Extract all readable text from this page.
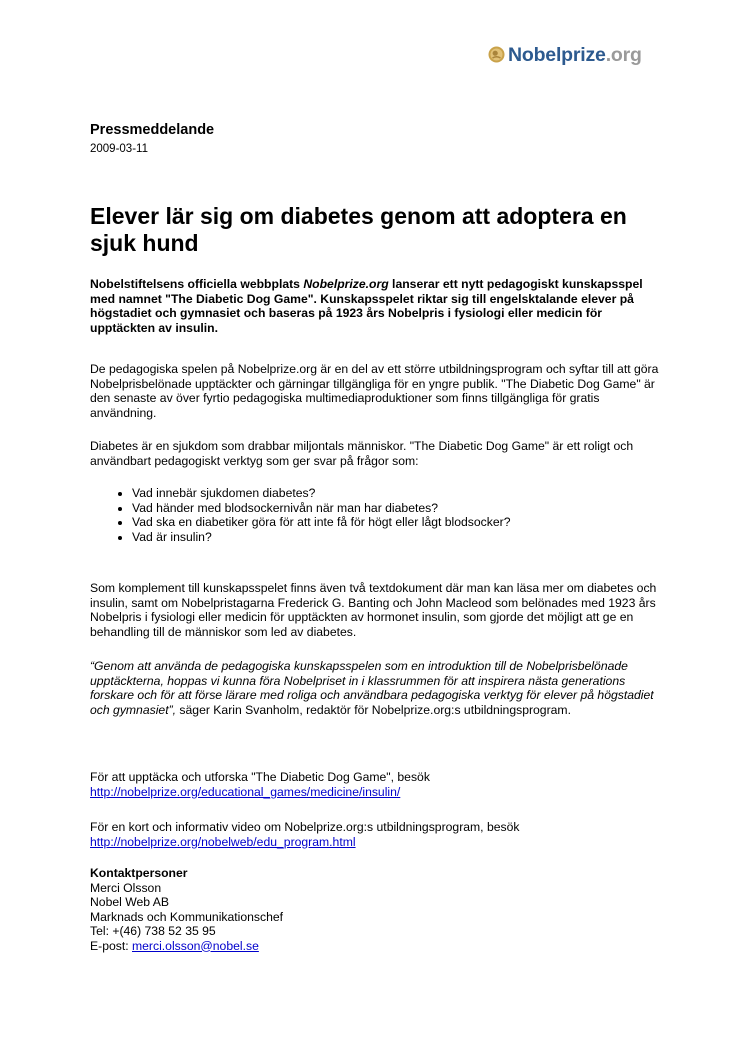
Nobelprize.org
Pressmeddelande
2009-03-11
Elever lär sig om diabetes genom att adoptera en sjuk hund

Nobelstiftelsens officiella webbplats Nobelprize.org lanserar ett nytt pedagogiskt kunskapsspel med namnet "The Diabetic Dog Game". Kunskapsspelet riktar sig till engelsktalande elever på högstadiet och gymnasiet och baseras på 1923 års Nobelpris i fysiologi eller medicin för upptäckten av insulin.

De pedagogiska spelen på Nobelprize.org är en del av ett större utbildningsprogram och syftar till att göra Nobelprisbelönade upptäckter och gärningar tillgängliga för en yngre publik. "The Diabetic Dog Game" är den senaste av över fyrtio pedagogiska multimediaproduktioner som finns tillgängliga för gratis användning.

Diabetes är en sjukdom som drabbar miljontals människor. "The Diabetic Dog Game" är ett roligt och användbart pedagogiskt verktyg som ger svar på frågor som:

• Vad innebär sjukdomen diabetes?
• Vad händer med blodsockernivån när man har diabetes?
• Vad ska en diabetiker göra för att inte få för högt eller lågt blodsocker?
• Vad är insulin?

Som komplement till kunskapsspelet finns även två textdokument där man kan läsa mer om diabetes och insulin, samt om Nobelpristagarna Frederick G. Banting och John Macleod som belönades med 1923 års Nobelpris i fysiologi eller medicin för upptäckten av hormonet insulin, som gjorde det möjligt att ge en behandling till de människor som led av diabetes.

“Genom att använda de pedagogiska kunskapsspelen som en introduktion till de Nobelprisbelönade upptäckterna, hoppas vi kunna föra Nobelpriset in i klassrummen för att inspirera nästa generations forskare och för att förse lärare med roliga och användbara pedagogiska verktyg för elever på högstadiet och gymnasiet”, säger Karin Svanholm, redaktör för Nobelprize.org:s utbildningsprogram.

För att upptäcka och utforska "The Diabetic Dog Game", besök
http://nobelprize.org/educational_games/medicine/insulin/

För en kort och informativ video om Nobelprize.org:s utbildningsprogram, besök
http://nobelprize.org/nobelweb/edu_program.html

Kontaktpersoner
Merci Olsson
Nobel Web AB
Marknads och Kommunikationschef
Tel: +(46) 738 52 35 95
E-post: merci.olsson@nobel.se
